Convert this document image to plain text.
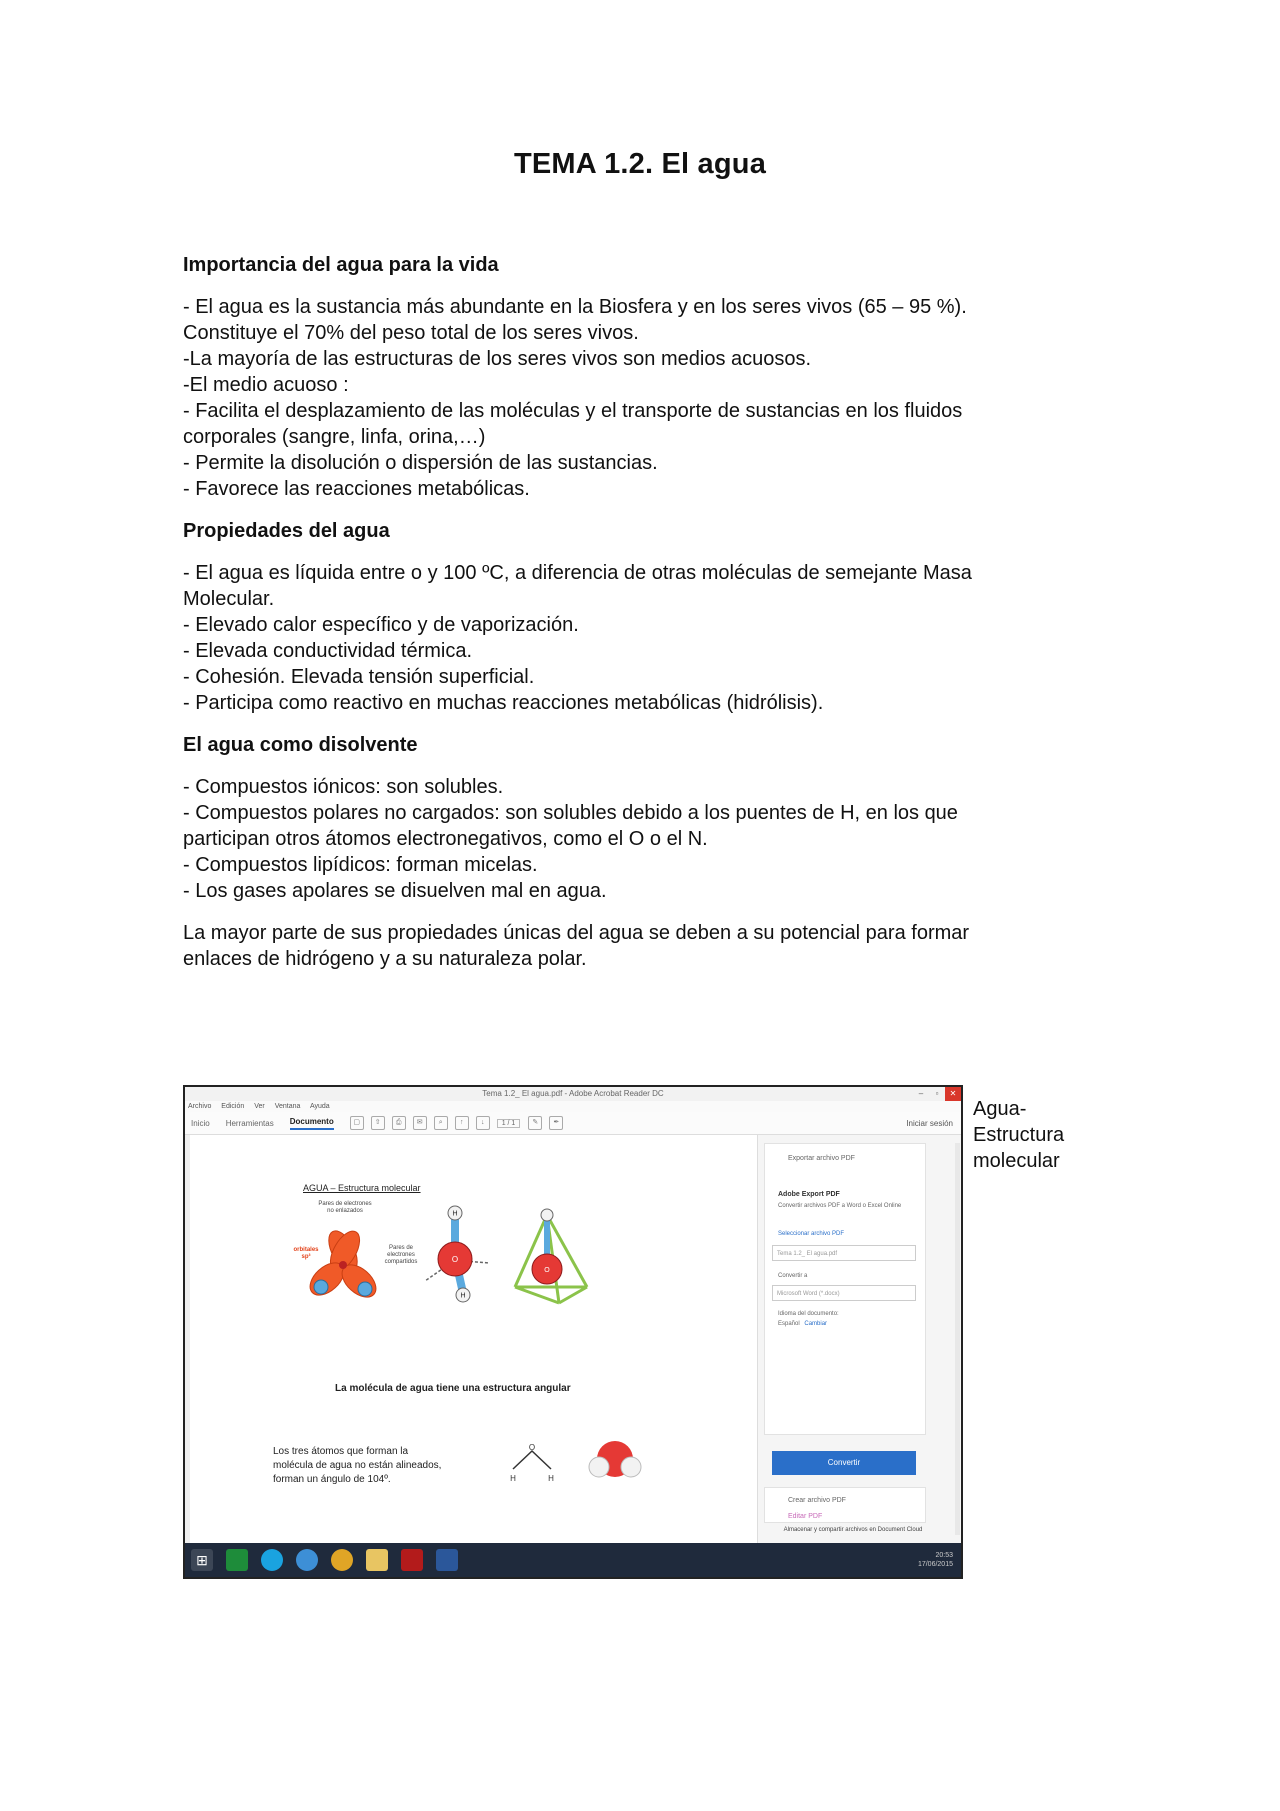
TEMA 1.2. El agua
Importancia del agua para la vida
- El agua es la sustancia más abundante en la Biosfera y en los seres vivos (65 – 95 %).
Constituye el 70% del peso total de los seres vivos.
-La mayoría de las estructuras de los seres vivos son medios acuosos.
-El medio acuoso :
- Facilita el desplazamiento de las moléculas y el transporte de sustancias en los fluidos
corporales (sangre, linfa, orina,…)
- Permite la disolución o dispersión de las sustancias.
- Favorece las reacciones metabólicas.
Propiedades del agua
- El agua es líquida entre o y 100 ºC, a diferencia de otras moléculas de semejante Masa
Molecular.
- Elevado calor específico y de vaporización.
- Elevada conductividad térmica.
- Cohesión. Elevada tensión superficial.
- Participa como reactivo en muchas reacciones metabólicas (hidrólisis).
El agua como disolvente
- Compuestos iónicos: son solubles.
- Compuestos polares no cargados: son solubles debido a los puentes de H, en los que
participan otros átomos electronegativos, como el O o el N.
- Compuestos lipídicos: forman micelas.
- Los gases apolares se disuelven mal en agua.
La mayor parte de sus propiedades únicas del agua se deben a su potencial para formar
enlaces de hidrógeno y a su naturaleza polar.
Tema 1.2_ El agua.pdf - Adobe Acrobat Reader DC	–	▫	✕
Archivo Edición Ver Ventana Ayuda
Inicio Herramientas Documento	▢	⇧	⎙	✉	⌕	↑	↓	1 / 1	✎	✒	Iniciar sesión
AGUA – Estructura molecular
Pares de electrones
no enlazados
orbitales
sp³
Pares de
electrones
compartidos
H
H
O
O
La molécula de agua tiene una estructura angular
Los tres átomos que forman la
molécula de agua no están alineados,
forman un ángulo de 104º.
O
H	H
Exportar archivo PDF
Adobe Export PDF
Convertir archivos PDF a Word o Excel Online
Seleccionar archivo PDF
Tema 1.2_ El agua.pdf
Convertir a
Microsoft Word (*.docx)
Idioma del documento:
Español Cambiar
Convertir
Crear archivo PDF
Editar PDF
Almacenar y compartir archivos en Document Cloud
⊞	20:53
17/06/2015
Agua-
Estructura
molecular
